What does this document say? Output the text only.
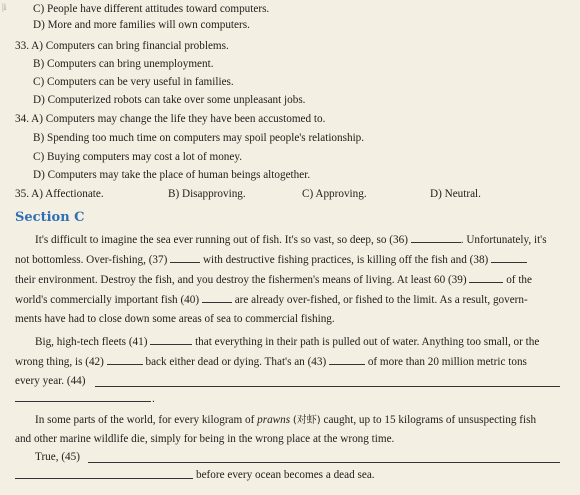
|i C) People have different attitudes toward computers.
D) More and more families will own computers.
33. A) Computers can bring financial problems.
B) Computers can bring unemployment.
C) Computers can be very useful in families.
D) Computerized robots can take over some unpleasant jobs.
34. A) Computers may change the life they have been accustomed to.
B) Spending too much time on computers may spoil people's relationship.
C) Buying computers may cost a lot of money.
D) Computers may take the place of human beings altogether.
35. A) Affectionate.	B) Disapproving.	C) Approving.	D) Neutral.
Section C
It's difficult to imagine the sea ever running out of fish. It's so vast, so deep, so (36)	. Unfortunately, it's
not bottomless. Over-fishing, (37)	with destructive fishing practices, is killing off the fish and (38)
their environment. Destroy the fish, and you destroy the fishermen's means of living. At least 60 (39)	of the
world's commercially important fish (40)	are already over-fished, or fished to the limit. As a result, govern-
ments have had to close down some areas of sea to commercial fishing.
Big, high-tech fleets (41)	that everything in their path is pulled out of water. Anything too small, or the
wrong thing, is (42)	back either dead or dying. That's an (43)	of more than 20 million metric tons
every year. (44)
.
In some parts of the world, for every kilogram of prawns (对虾) caught, up to 15 kilograms of unsuspecting fish
and other marine wildlife die, simply for being in the wrong place at the wrong time.
True, (45)
before every ocean becomes a dead sea.
